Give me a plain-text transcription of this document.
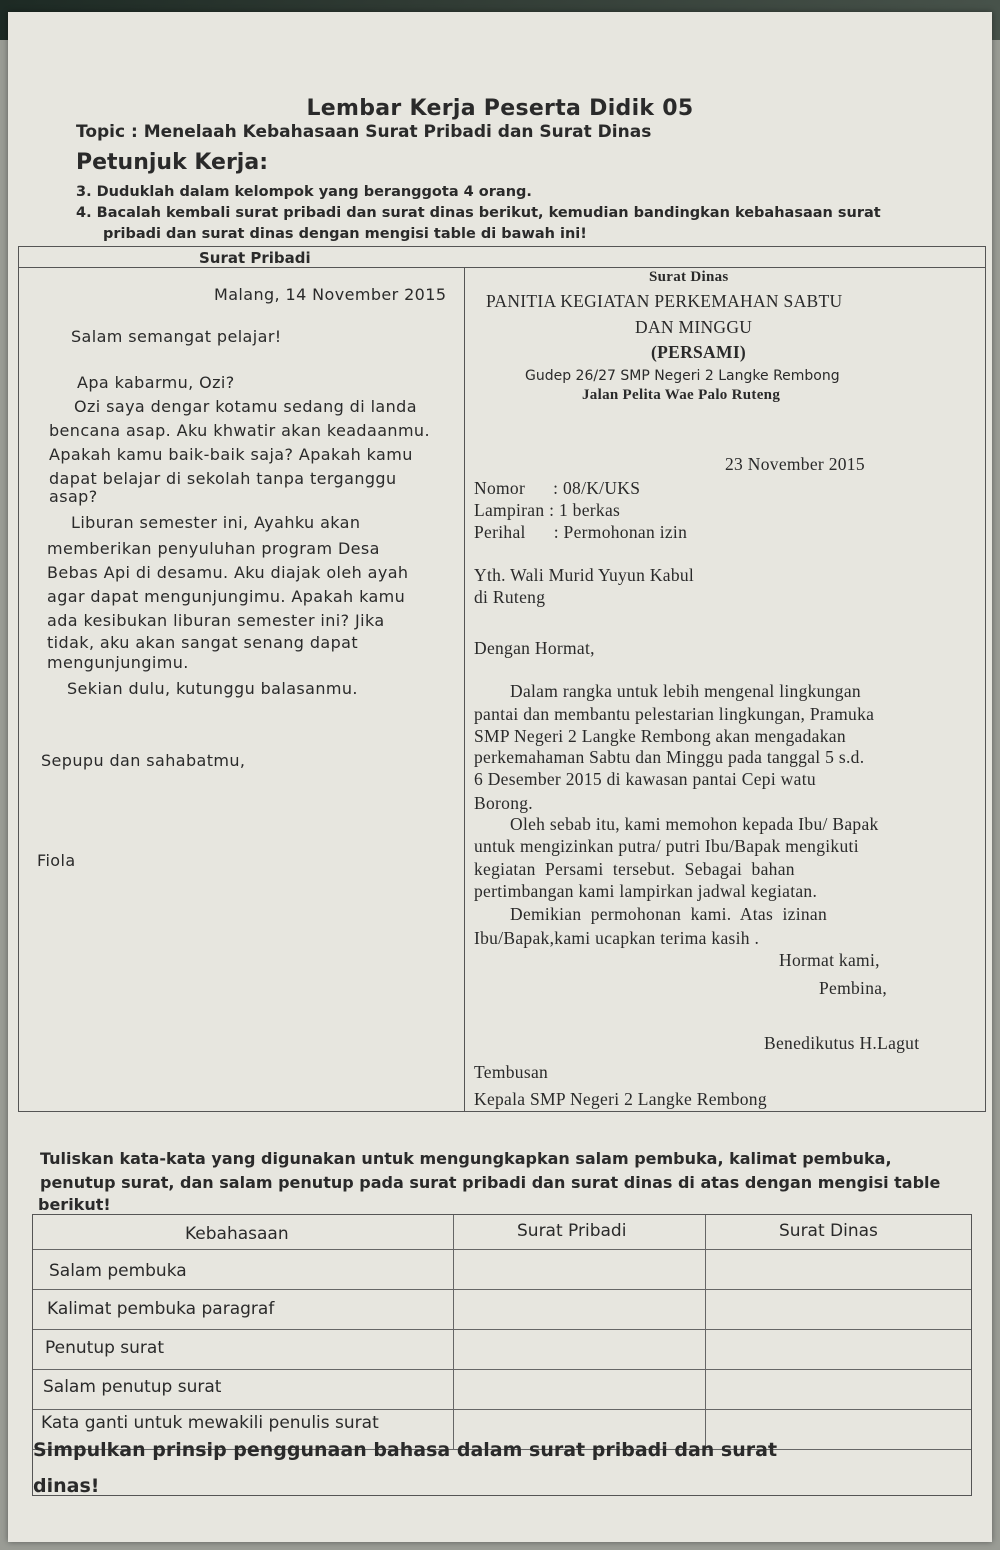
Lembar Kerja Peserta Didik 05
Topic : Menelaah Kebahasaan Surat Pribadi dan Surat Dinas
Petunjuk Kerja:
3. Duduklah dalam kelompok yang beranggota 4 orang.
4. Bacalah kembali surat pribadi dan surat dinas berikut, kemudian bandingkan kebahasaan surat
pribadi dan surat dinas dengan mengisi table di bawah ini!
Surat Pribadi
Surat Dinas
Malang, 14 November 2015
Salam semangat pelajar!
Apa kabarmu, Ozi?
Ozi saya dengar kotamu sedang di landa
bencana asap. Aku khwatir akan keadaanmu.
Apakah kamu baik-baik saja? Apakah kamu
dapat belajar di sekolah tanpa terganggu
asap?
Liburan semester ini, Ayahku akan
memberikan penyuluhan program Desa
Bebas Api di desamu. Aku diajak oleh ayah
agar dapat mengunjungimu. Apakah kamu
ada kesibukan liburan semester ini? Jika
tidak, aku akan sangat senang dapat
mengunjungimu.
Sekian dulu, kutunggu balasanmu.
Sepupu dan sahabatmu,
Fiola
PANITIA KEGIATAN PERKEMAHAN SABTU
DAN MINGGU
(PERSAMI)
Gudep 26/27 SMP Negeri 2 Langke Rembong
Jalan Pelita Wae Palo Ruteng
23 November 2015
Nomor      : 08/K/UKS
Lampiran : 1 berkas
Perihal      : Permohonan izin
Yth. Wali Murid Yuyun Kabul
di Ruteng
Dengan Hormat,
Dalam rangka untuk lebih mengenal lingkungan
pantai dan membantu pelestarian lingkungan, Pramuka
SMP Negeri 2 Langke Rembong akan mengadakan
perkemahaman Sabtu dan Minggu pada tanggal 5 s.d.
6 Desember 2015 di kawasan pantai Cepi watu
Borong.
Oleh sebab itu, kami memohon kepada Ibu/ Bapak
untuk mengizinkan putra/ putri Ibu/Bapak mengikuti
kegiatan  Persami  tersebut.  Sebagai  bahan
pertimbangan kami lampirkan jadwal kegiatan.
Demikian  permohonan  kami.  Atas  izinan
Ibu/Bapak,kami ucapkan terima kasih .
Hormat kami,
Pembina,
Benedikutus H.Lagut
Tembusan
Kepala SMP Negeri 2 Langke Rembong
Tuliskan kata-kata yang digunakan untuk mengungkapkan salam pembuka, kalimat pembuka,
penutup surat, dan salam penutup pada surat pribadi dan surat dinas di atas dengan mengisi table
berikut!
Kebahasaan	Surat Pribadi	Surat Dinas
Salam pembuka
Kalimat pembuka paragraf
Penutup surat
Salam penutup surat
Kata ganti untuk mewakili penulis surat
Simpulkan prinsip penggunaan bahasa dalam surat pribadi dan surat
dinas!
